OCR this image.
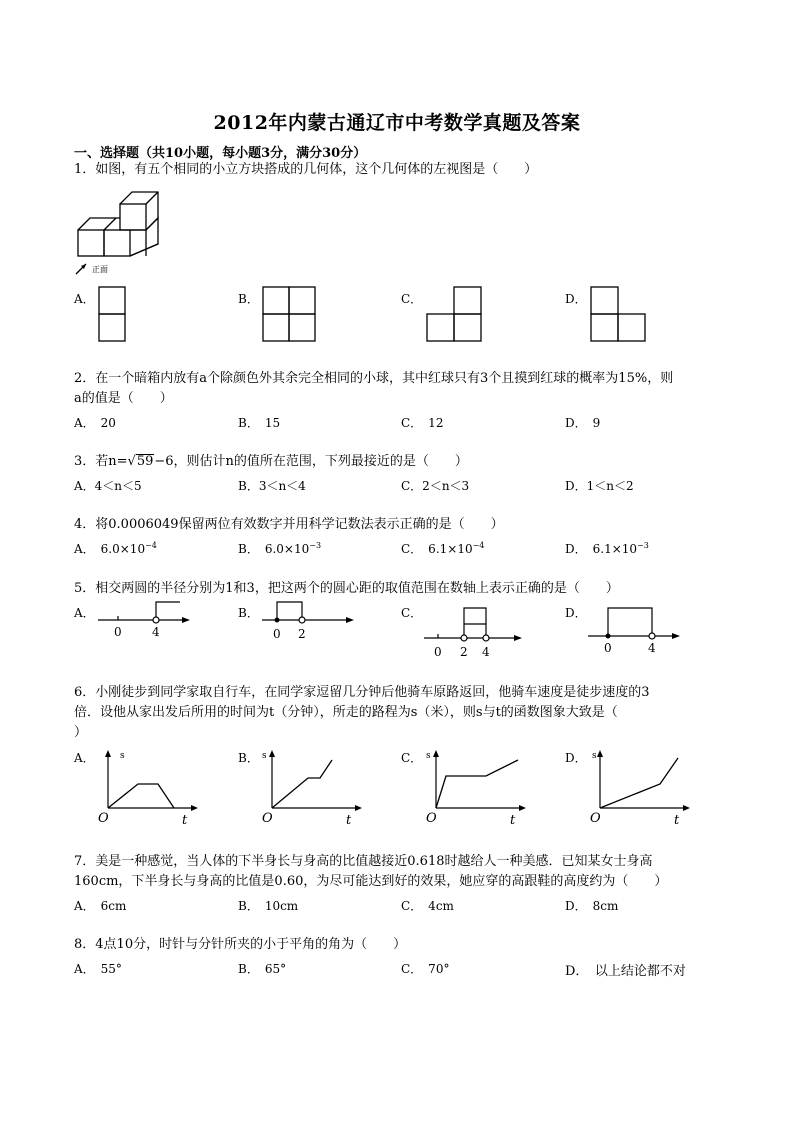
2012年内蒙古通辽市中考数学真题及答案
一、选择题（共10小题，每小题3分，满分30分）
1．如图，有五个相同的小立方块搭成的几何体，这个几何体的左视图是（　　）
正面
A．	B．	C．	D．
2．在一个暗箱内放有a个除颜色外其余完全相同的小球，其中红球只有3个且摸到红球的概率为15%，则
a的值是（　　）
A．　20	B．　15	C．　12	D．　9
3．若n=√59−6，则估计n的值所在范围，下列最接近的是（　　）
A．4＜n＜5	B．3＜n＜4	C．2＜n＜3	D．1＜n＜2
4．将0.0006049保留两位有效数字并用科学记数法表示正确的是（　　）
A．　$6.0\times 10^{-4}$	B．　$6.0\times 10^{-3}$	C．　$6.1\times 10^{-4}$	D．　$6.1\times 10^{-3}$
5．相交两圆的半径分别为1和3，把这两个的圆心距的取值范围在数轴上表示正确的是（　　）
A．
0	4
B．
0 2
C．
0 2 4
D．
0	4
6．小刚徒步到同学家取自行车，在同学家逗留几分钟后他骑车原路返回，他骑车速度是徒步速度的3
倍．设他从家出发后所用的时间为t（分钟），所走的路程为s（米），则s与t的函数图象大致是（
）
A．	s
O	t
B． s
O	t
C． s
O	t
D． s
O	t
7．美是一种感觉，当人体的下半身长与身高的比值越接近0.618时越给人一种美感．已知某女士身高
160cm，下半身长与身高的比值是0.60，为尽可能达到好的效果，她应穿的高跟鞋的高度约为（　　）
A．　6cm	B．　10cm	C．　4cm	D．　8cm
8．4点10分，时针与分针所夹的小于平角的角为（　　）
A．　55°	B．　65°	C．　70°	D．　以上结论都不对
